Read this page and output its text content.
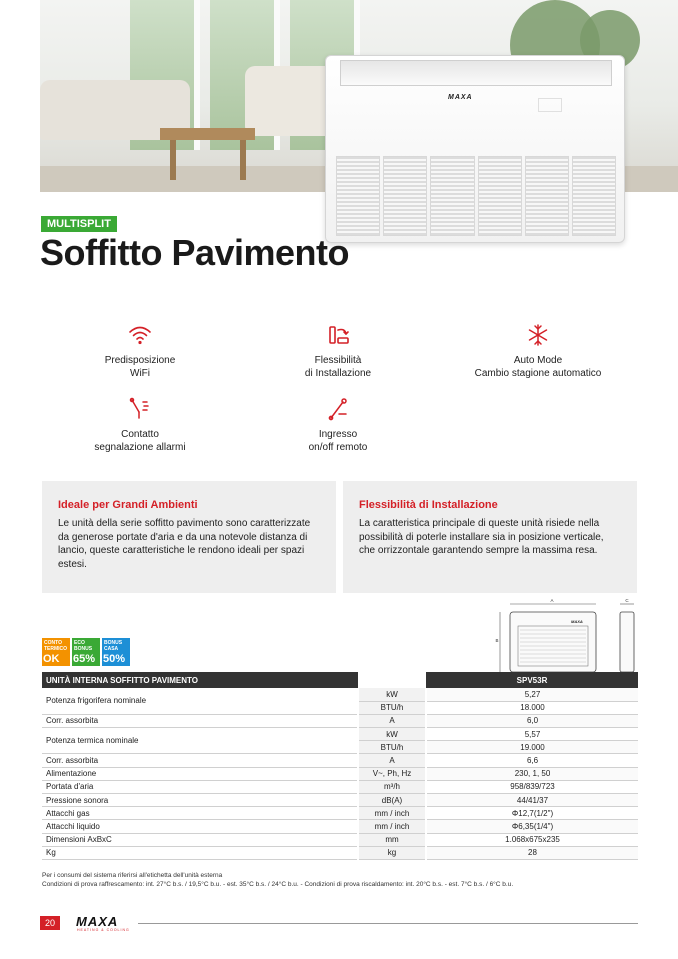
MAXA
MULTISPLIT
Soffitto Pavimento
Predisposizione
WiFi
Flessibilità
di Installazione
Auto Mode
Cambio stagione automatico
Contatto
segnalazione allarmi
Ingresso
on/off remoto
Ideale per Grandi Ambienti

Le unità della serie soffitto pavimento sono caratterizzate da generose portate d'aria e da una notevole distanza di lancio, queste caratteristiche le rendono ideali per spazi estesi.

Flessibilità di Installazione

La caratteristica principale di queste unità risiede nella possibilità di poterle installare sia in posizione verticale, che orrizzontale garantendo sempre la massima resa.

CONTO
TERMICO
OK
ECO
BONUS
65%
BONUS
CASA
50%
A	C
B
MAXA
UNITÀ INTERNA SOFFITTO PAVIMENTO		SPV53R
Potenza frigorifera nominale	kW	5,27
	BTU/h	18.000
Corr. assorbita	A	6,0
Potenza termica nominale	kW	5,57
	BTU/h	19.000
Corr. assorbita	A	6,6
Alimentazione	V~, Ph, Hz	230, 1, 50
Portata d'aria	m³/h	958/839/723
Pressione sonora	dB(A)	44/41/37
Attacchi gas	mm / inch	Φ12,7(1/2")
Attacchi liquido	mm / inch	Φ6,35(1/4")
Dimensioni AxBxC	mm	1.068x675x235
Kg	kg	28
Per i consumi del sistema riferirsi all'etichetta dell'unità esterna
Condizioni di prova raffrescamento: int. 27°C b.s. / 19,5°C b.u. - est. 35°C b.s. / 24°C b.u. - Condizioni di prova riscaldamento: int. 20°C b.s. - est. 7°C b.s. / 6°C b.u.
20	MAXA
HEATING & COOLING
